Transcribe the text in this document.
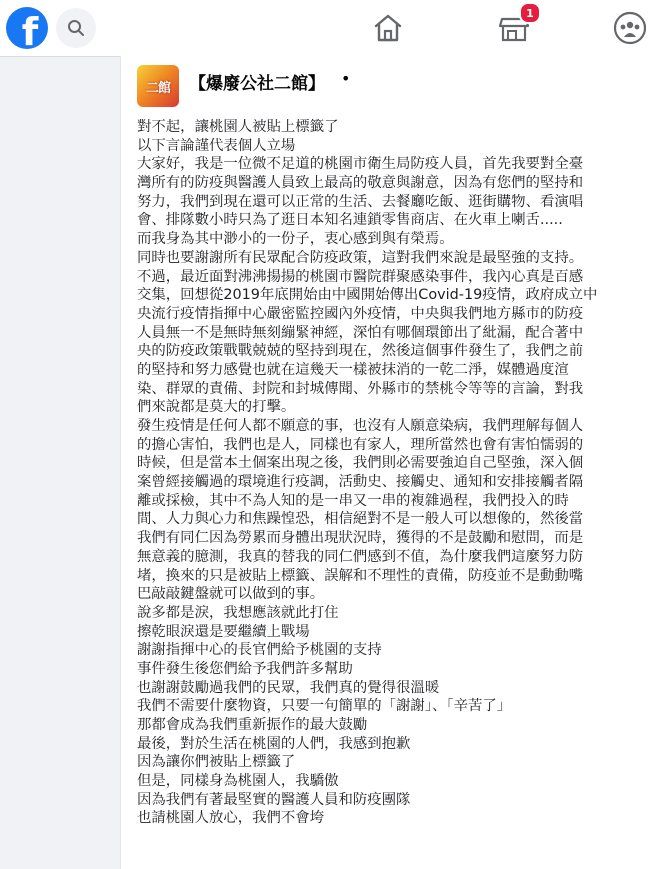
f	1
二館 【爆廢公社二館】 •
對不起，讓桃園人被貼上標籤了
以下言論謹代表個人立場
大家好，我是一位微不足道的桃園市衛生局防疫人員，首先我要對全臺
灣所有的防疫與醫護人員致上最高的敬意與謝意，因為有您們的堅持和
努力，我們到現在還可以正常的生活、去餐廳吃飯、逛街購物、看演唱
會、排隊數小時只為了逛日本知名連鎖零售商店、在火車上喇舌.....
而我身為其中渺小的一份子，衷心感到與有榮焉。
同時也要謝謝所有民眾配合防疫政策，這對我們來說是最堅強的支持。
不過，最近面對沸沸揚揚的桃園市醫院群聚感染事件，我內心真是百感
交集，回想從2019年底開始由中國開始傳出Covid-19疫情，政府成立中
央流行疫情指揮中心嚴密監控國內外疫情，中央與我們地方縣市的防疫
人員無一不是無時無刻繃緊神經，深怕有哪個環節出了紕漏，配合著中
央的防疫政策戰戰兢兢的堅持到現在，然後這個事件發生了，我們之前
的堅持和努力感覺也就在這幾天一樣被抹消的一乾二淨，媒體過度渲
染、群眾的責備、封院和封城傳聞、外縣市的禁桃令等等的言論，對我
們來說都是莫大的打擊。
發生疫情是任何人都不願意的事，也沒有人願意染病，我們理解每個人
的擔心害怕，我們也是人，同樣也有家人，理所當然也會有害怕懦弱的
時候，但是當本土個案出現之後，我們則必需要強迫自己堅強，深入個
案曾經接觸過的環境進行疫調，活動史、接觸史、通知和安排接觸者隔
離或採檢，其中不為人知的是一串又一串的複雜過程，我們投入的時
間、人力與心力和焦躁惶恐，相信絕對不是一般人可以想像的，然後當
我們有同仁因為勞累而身體出現狀況時，獲得的不是鼓勵和慰問，而是
無意義的臆測，我真的替我的同仁們感到不值，為什麼我們這麼努力防
堵，換來的只是被貼上標籤、誤解和不理性的責備，防疫並不是動動嘴
巴敲敲鍵盤就可以做到的事。
說多都是淚，我想應該就此打住
擦乾眼淚還是要繼續上戰場
謝謝指揮中心的長官們給予桃園的支持
事件發生後您們給予我們許多幫助
也謝謝鼓勵過我們的民眾，我們真的覺得很溫暖
我們不需要什麼物資，只要一句簡單的「謝謝」、「辛苦了」
那都會成為我們重新振作的最大鼓勵
最後，對於生活在桃園的人們，我感到抱歉
因為讓你們被貼上標籤了
但是，同樣身為桃園人，我驕傲
因為我們有著最堅實的醫護人員和防疫團隊
也請桃園人放心，我們不會垮
